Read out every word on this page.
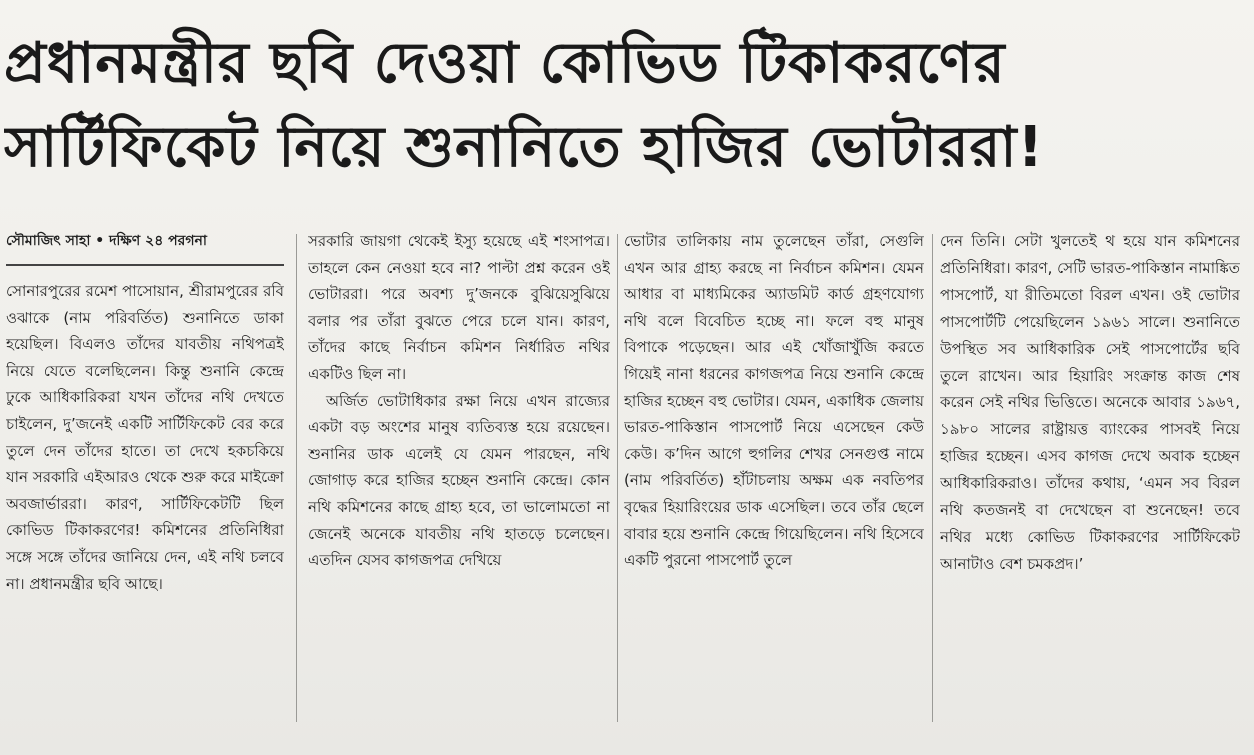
প্রধানমন্ত্রীর ছবি দেওয়া কোভিড টিকাকরণের
সার্টিফিকেট নিয়ে শুনানিতে হাজির ভোটাররা!
সৌমাজিৎ সাহা • দক্ষিণ ২৪ পরগনা

সোনারপুরের রমেশ পাসোয়ান, শ্রীরামপুরের রবি ওঝাকে (নাম পরিবর্তিত) শুনানিতে ডাকা হয়েছিল। বিএলও তাঁদের যাবতীয় নথিপত্রই নিয়ে যেতে বলেছিলেন। কিন্তু শুনানি কেন্দ্রে ঢুকে আধিকারিকরা যখন তাঁদের নথি দেখতে চাইলেন, দু’জনেই একটি সার্টিফিকেট বের করে তুলে দেন তাঁদের হাতে। তা দেখে হকচকিয়ে যান সরকারি এইআরও থেকে শুরু করে মাইক্রো অবজার্ভাররা। কারণ, সার্টিফিকেটটি ছিল কোভিড টিকাকরণের! কমিশনের প্রতিনিধিরা সঙ্গে সঙ্গে তাঁদের জানিয়ে দেন, এই নথি চলবে না। প্রধানমন্ত্রীর ছবি আছে।

সরকারি জায়গা থেকেই ইস্যু হয়েছে এই শংসাপত্র। তাহলে কেন নেওয়া হবে না? পাল্টা প্রশ্ন করেন ওই ভোটাররা। পরে অবশ্য দু’জনকে বুঝিয়েসুঝিয়ে বলার পর তাঁরা বুঝতে পেরে চলে যান। কারণ, তাঁদের কাছে নির্বাচন কমিশন নির্ধারিত নথির একটিও ছিল না।

অর্জিত ভোটাধিকার রক্ষা নিয়ে এখন রাজ্যের একটা বড় অংশের মানুষ ব্যতিব্যস্ত হয়ে রয়েছেন। শুনানির ডাক এলেই যে যেমন পারছেন, নথি জোগাড় করে হাজির হচ্ছেন শুনানি কেন্দ্রে। কোন নথি কমিশনের কাছে গ্রাহ্য হবে, তা ভালোমতো না জেনেই অনেকে যাবতীয় নথি হাতড়ে চলেছেন। এতদিন যেসব কাগজপত্র দেখিয়ে

ভোটার তালিকায় নাম তুলেছেন তাঁরা, সেগুলি এখন আর গ্রাহ্য করছে না নির্বাচন কমিশন। যেমন আধার বা মাধ্যমিকের অ্যাডমিট কার্ড গ্রহণযোগ্য নথি বলে বিবেচিত হচ্ছে না। ফলে বহু মানুষ বিপাকে পড়েছেন। আর এই খোঁজাখুঁজি করতে গিয়েই নানা ধরনের কাগজপত্র নিয়ে শুনানি কেন্দ্রে হাজির হচ্ছেন বহু ভোটার। যেমন, একাধিক জেলায় ভারত-পাকিস্তান পাসপোর্ট নিয়ে এসেছেন কেউ কেউ। ক’দিন আগে হুগলির শেখর সেনগুপ্ত নামে (নাম পরিবর্তিত) হাঁটাচলায় অক্ষম এক নবতিপর বৃদ্ধের হিয়ারিংয়ের ডাক এসেছিল। তবে তাঁর ছেলে বাবার হয়ে শুনানি কেন্দ্রে গিয়েছিলেন। নথি হিসেবে একটি পুরনো পাসপোর্ট তুলে

দেন তিনি। সেটা খুলতেই থ হয়ে যান কমিশনের প্রতিনিধিরা। কারণ, সেটি ভারত-পাকিস্তান নামাঙ্কিত পাসপোর্ট, যা রীতিমতো বিরল এখন। ওই ভোটার পাসপোর্টটি পেয়েছিলেন ১৯৬১ সালে। শুনানিতে উপস্থিত সব আধিকারিক সেই পাসপোর্টের ছবি তুলে রাখেন। আর হিয়ারিং সংক্রান্ত কাজ শেষ করেন সেই নথির ভিত্তিতে। অনেকে আবার ১৯৬৭, ১৯৮০ সালের রাষ্ট্রায়ত্ত ব্যাংকের পাসবই নিয়ে হাজির হচ্ছেন। এসব কাগজ দেখে অবাক হচ্ছেন আধিকারিকরাও। তাঁদের কথায়, ‘এমন সব বিরল নথি কতজনই বা দেখেছেন বা শুনেছেন! তবে নথির মধ্যে কোভিড টিকাকরণের সার্টিফিকেট আনাটাও বেশ চমকপ্রদ।’
